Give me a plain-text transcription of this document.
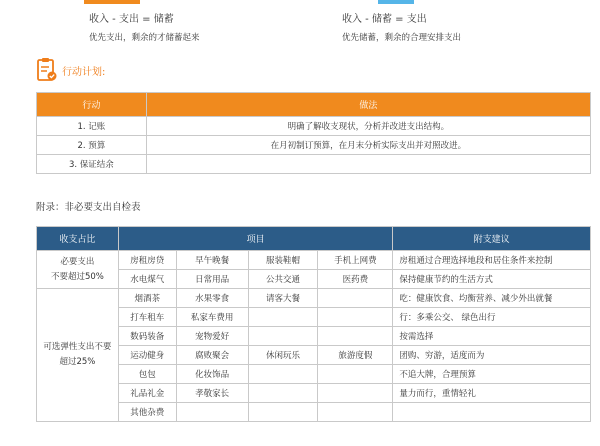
收入 - 支出 = 储蓄
优先支出，剩余的才储蓄起来
收入 - 储蓄 = 支出
优先储蓄，剩余的合理安排支出
行动计划:
行动	做法
1. 记账	明确了解收支现状，分析并改进支出结构。
2. 预算	在月初制订预算，在月末分析实际支出并对照改进。
3. 保证结余	
附录：非必要支出自检表
收支占比	项目				附支建议

必要支出
不要超过50%	房租房贷	早午晚餐	服装鞋帽	手机上网费	房租通过合理选择地段和居住条件来控制
	水电煤气	日常用品	公共交通	医药费	保持健康节约的生活方式

可选弹性支出不要
超过25%	烟酒茶	水果零食	请客大餐		吃：健康饮食、均衡营养、减少外出就餐
	打车租车	私家车费用			行：多乘公交、 绿色出行
	数码装备	宠物爱好			按需选择
	运动健身	腐败聚会	休闲玩乐	旅游度假	团购、穷游，适度而为
	包包	化妆饰品			不追大牌，合理预算
	礼品礼金	孝敬家长			量力而行，重情轻礼
	其他杂费				
